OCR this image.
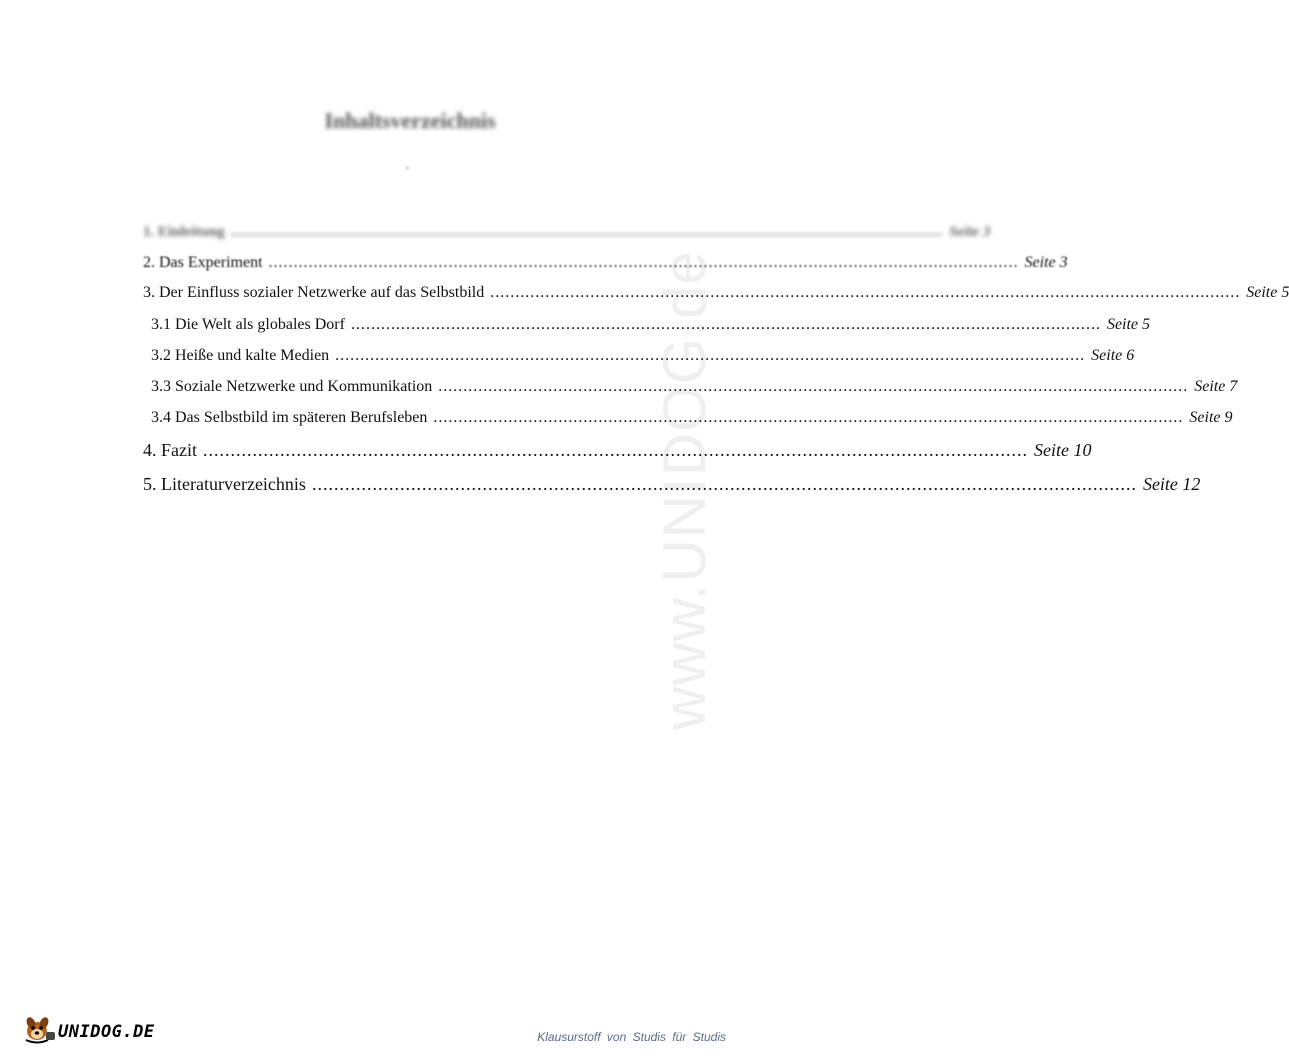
www.UNIDOG.de
Inhaltsverzeichnis
-
1. Einleitung ...................................................................................................................................................... Seite 3
2. Das Experiment ...................................................................................................................................................... Seite 3
3. Der Einfluss sozialer Netzwerke auf das Selbstbild ...................................................................................................................................................... Seite 5
3.1 Die Welt als globales Dorf ...................................................................................................................................................... Seite 5
3.2 Heiße und kalte Medien ...................................................................................................................................................... Seite 6
3.3 Soziale Netzwerke und Kommunikation ...................................................................................................................................................... Seite 7
3.4 Das Selbstbild im späteren Berufsleben ...................................................................................................................................................... Seite 9
4. Fazit ...................................................................................................................................................... Seite 10
5. Literaturverzeichnis ...................................................................................................................................................... Seite 12
UNIDOG.DE	Klausurstoff von Studis für Studis
